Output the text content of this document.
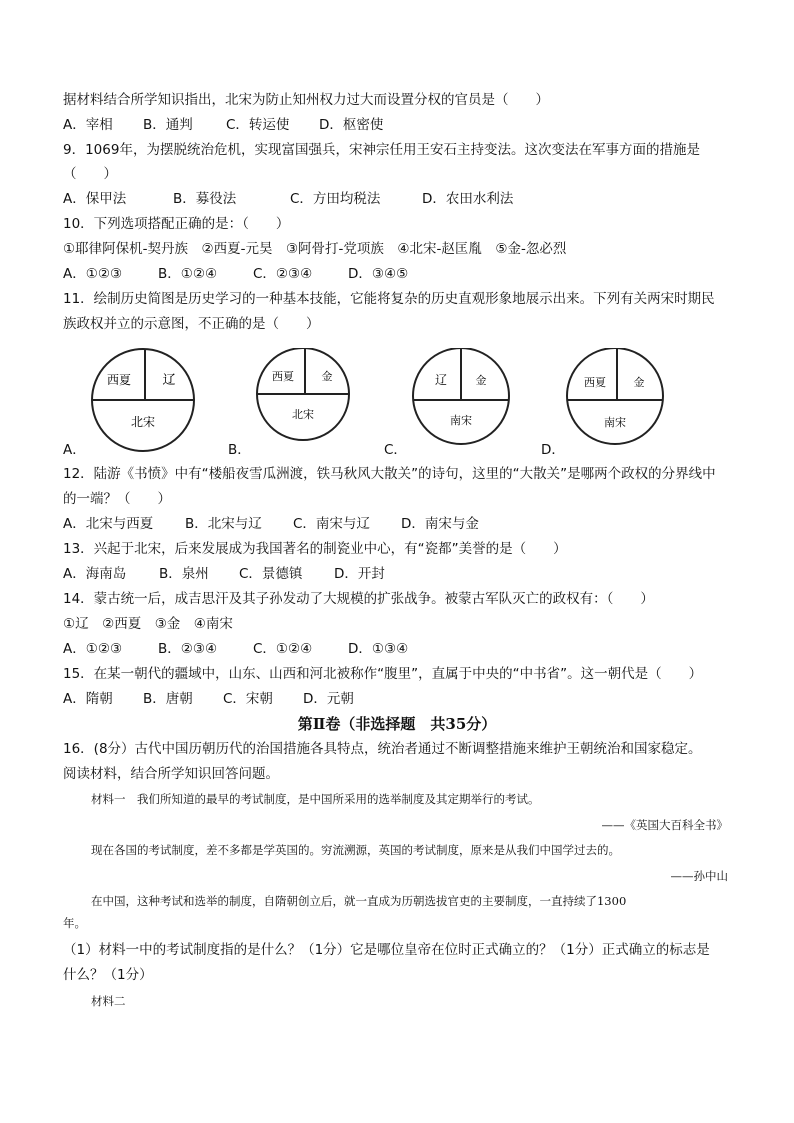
据材料结合所学知识指出，北宋为防止知州权力过大而设置分权的官员是（　　）
A．宰相 B．通判 C．转运使 D．枢密使
9．1069年，为摆脱统治危机，实现富国强兵，宋神宗任用王安石主持变法。这次变法在军事方面的措施是
（　　）
A．保甲法	B．募役法	C．方田均税法	D．农田水利法
10．下列选项搭配正确的是：（　　）
①耶律阿保机-契丹族　②西夏-元昊　③阿骨打-党项族　④北宋-赵匡胤　⑤金-忽必烈
A．①②③	B．①②④	C．②③④	D．③④⑤
11．绘制历史简图是历史学习的一种基本技能，它能将复杂的历史直观形象地展示出来。下列有关两宋时期民
族政权并立的示意图，不正确的是（　　）
西夏 辽
北宋
西夏	金
北宋
辽	金
南宋
西夏	金
南宋
A．	B．	C．	D．
12．陆游《书愤》中有“楼船夜雪瓜洲渡，铁马秋风大散关”的诗句，这里的“大散关”是哪两个政权的分界线中
的一端？（　　）
A．北宋与西夏 B．北宋与辽 C．南宋与辽 D．南宋与金
13．兴起于北宋，后来发展成为我国著名的制瓷业中心，有“瓷都”美誉的是（　　）
A．海南岛 B．泉州 C．景德镇 D．开封
14．蒙古统一后，成吉思汗及其子孙发动了大规模的扩张战争。被蒙古军队灭亡的政权有：（　　）
①辽　②西夏　③金　④南宋
A．①②③	B．②③④	C．①②④	D．①③④
15．在某一朝代的疆域中，山东、山西和河北被称作“腹里”，直属于中央的“中书省”。这一朝代是（　　）
A．隋朝 B．唐朝 C．宋朝 D．元朝
第Ⅱ卷（非选择题　共35分）
16．(8分）古代中国历朝历代的治国措施各具特点，统治者通过不断调整措施来维护王朝统治和国家稳定。
阅读材料，结合所学知识回答问题。
材料一　我们所知道的最早的考试制度，是中国所采用的选举制度及其定期举行的考试。
——《英国大百科全书》
现在各国的考试制度，差不多都是学英国的。穷流溯源，英国的考试制度，原来是从我们中国学过去的。
——孙中山
在中国，这种考试和选举的制度，自隋朝创立后，就一直成为历朝选拔官吏的主要制度，一直持续了1300
年。
（1）材料一中的考试制度指的是什么？（1分）它是哪位皇帝在位时正式确立的？（1分）正式确立的标志是
什么？（1分）
材料二
